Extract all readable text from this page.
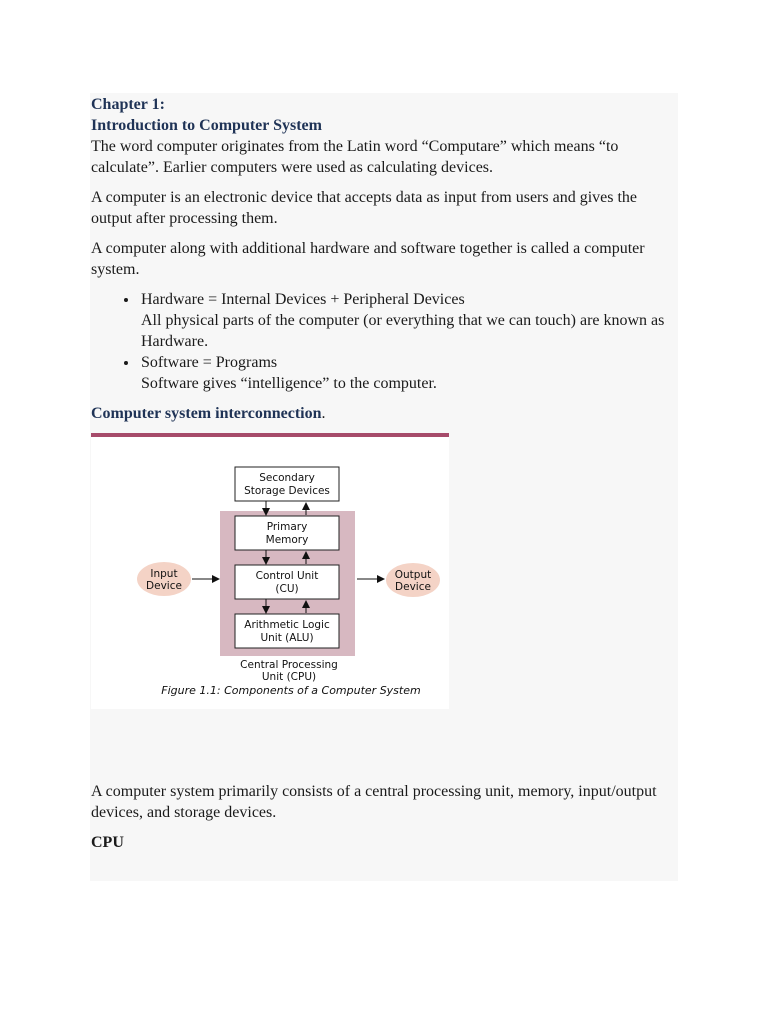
Chapter 1:
Introduction to Computer System

The word computer originates from the Latin word “Computare” which means “to calculate”. Earlier computers were used as calculating devices.

A computer is an electronic device that accepts data as input from users and gives the output after processing them.

A computer along with additional hardware and software together is called a computer system.

• Hardware = Internal Devices + Peripheral Devices
All physical parts of the computer (or everything that we can touch) are known as Hardware.
• Software = Programs
Software gives “intelligence” to the computer.

Computer system interconnection.

Secondary
Storage Devices
Primary
Memory
Control Unit
(CU)
Arithmetic Logic
Unit (ALU)
Input
Device
Output
Device
Central Processing
Unit (CPU)
Figure 1.1: Components of a Computer System

A computer system primarily consists of a central processing unit, memory, input/output devices, and storage devices.

CPU
